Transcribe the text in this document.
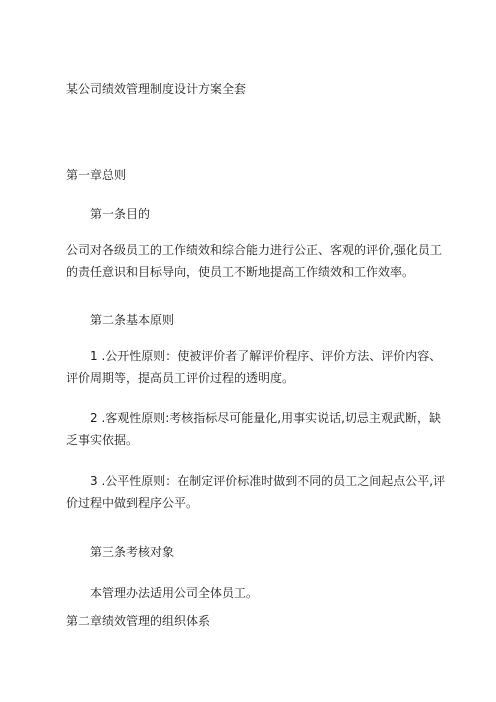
某公司绩效管理制度设计方案全套

第一章总则

第一条目的

公司对各级员工的工作绩效和综合能力进行公正、客观的评价,强化员工的责任意识和目标导向，使员工不断地提高工作绩效和工作效率。

第二条基本原则

1 .公开性原则：使被评价者了解评价程序、评价方法、评价内容、评价周期等，提高员工评价过程的透明度。

2 .客观性原则:考核指标尽可能量化,用事实说话,切忌主观武断，缺乏事实依据。

3 .公平性原则：在制定评价标准时做到不同的员工之间起点公平,评价过程中做到程序公平。

第三条考核对象

本管理办法适用公司全体员工。

第二章绩效管理的组织体系
